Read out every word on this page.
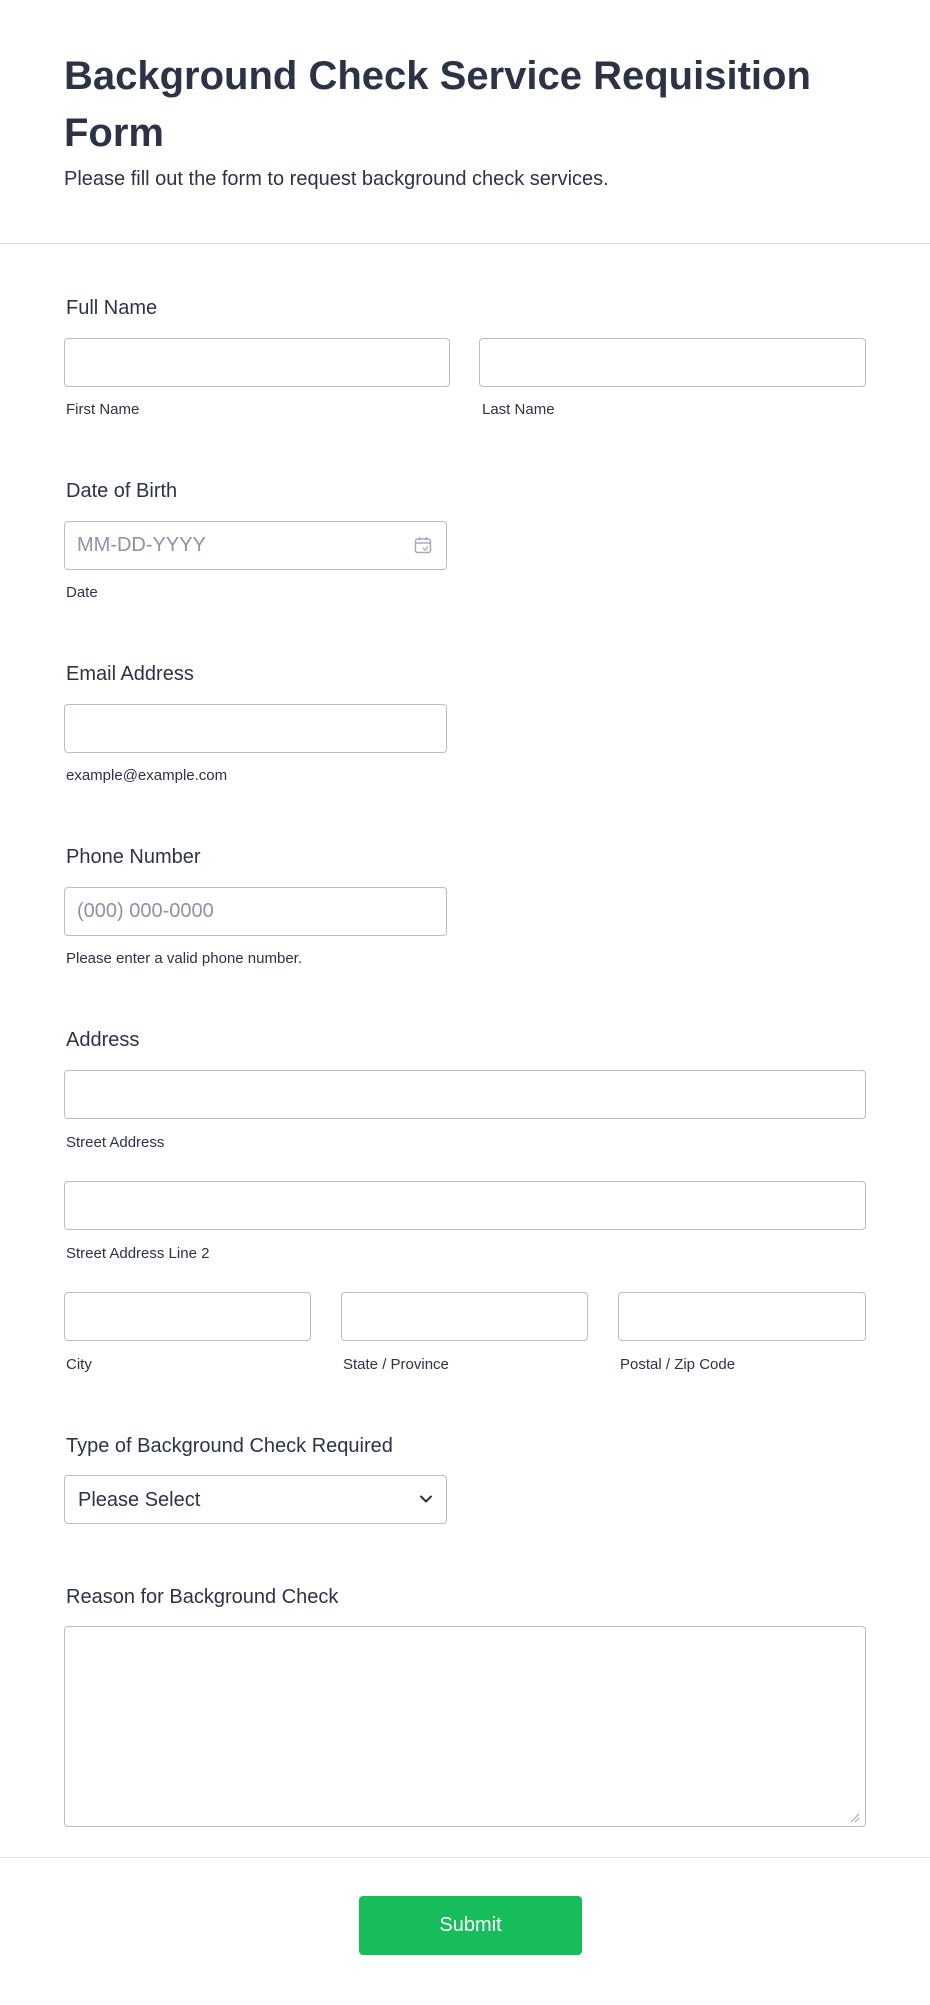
Background Check Service Requisition Form

Please fill out the form to request background check services.

Full Name
First Name	Last Name
Date of Birth
MM-DD-YYYY
Date
Email Address
example@example.com
Phone Number
(000) 000-0000
Please enter a valid phone number.
Address
Street Address
Street Address Line 2
City	State / Province	Postal / Zip Code
Type of Background Check Required
Please Select
Reason for Background Check
Submit
